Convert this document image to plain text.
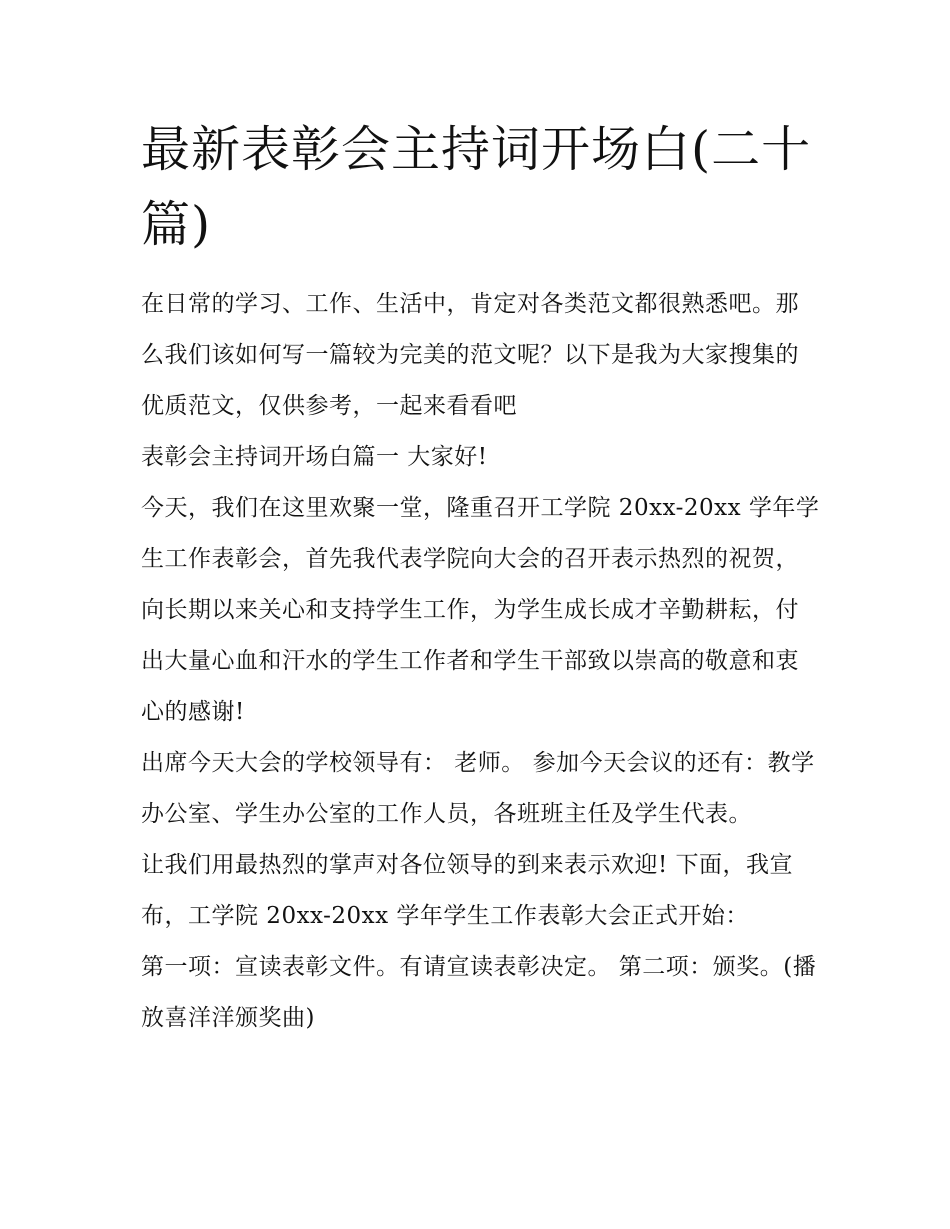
最新表彰会主持词开场白(二十篇)

在日常的学习、工作、生活中，肯定对各类范文都很熟悉吧。那么我们该如何写一篇较为完美的范文呢？以下是我为大家搜集的优质范文，仅供参考，一起来看看吧

表彰会主持词开场白篇一 大家好!

今天，我们在这里欢聚一堂，隆重召开工学院 20xx-20xx 学年学生工作表彰会，首先我代表学院向大会的召开表示热烈的祝贺，向长期以来关心和支持学生工作，为学生成长成才辛勤耕耘，付出大量心血和汗水的学生工作者和学生干部致以崇高的敬意和衷心的感谢!

出席今天大会的学校领导有： 老师。 参加今天会议的还有：教学办公室、学生办公室的工作人员，各班班主任及学生代表。

让我们用最热烈的掌声对各位领导的到来表示欢迎! 下面，我宣布，工学院 20xx-20xx 学年学生工作表彰大会正式开始：

第一项：宣读表彰文件。有请宣读表彰决定。 第二项：颁奖。(播放喜洋洋颁奖曲)
